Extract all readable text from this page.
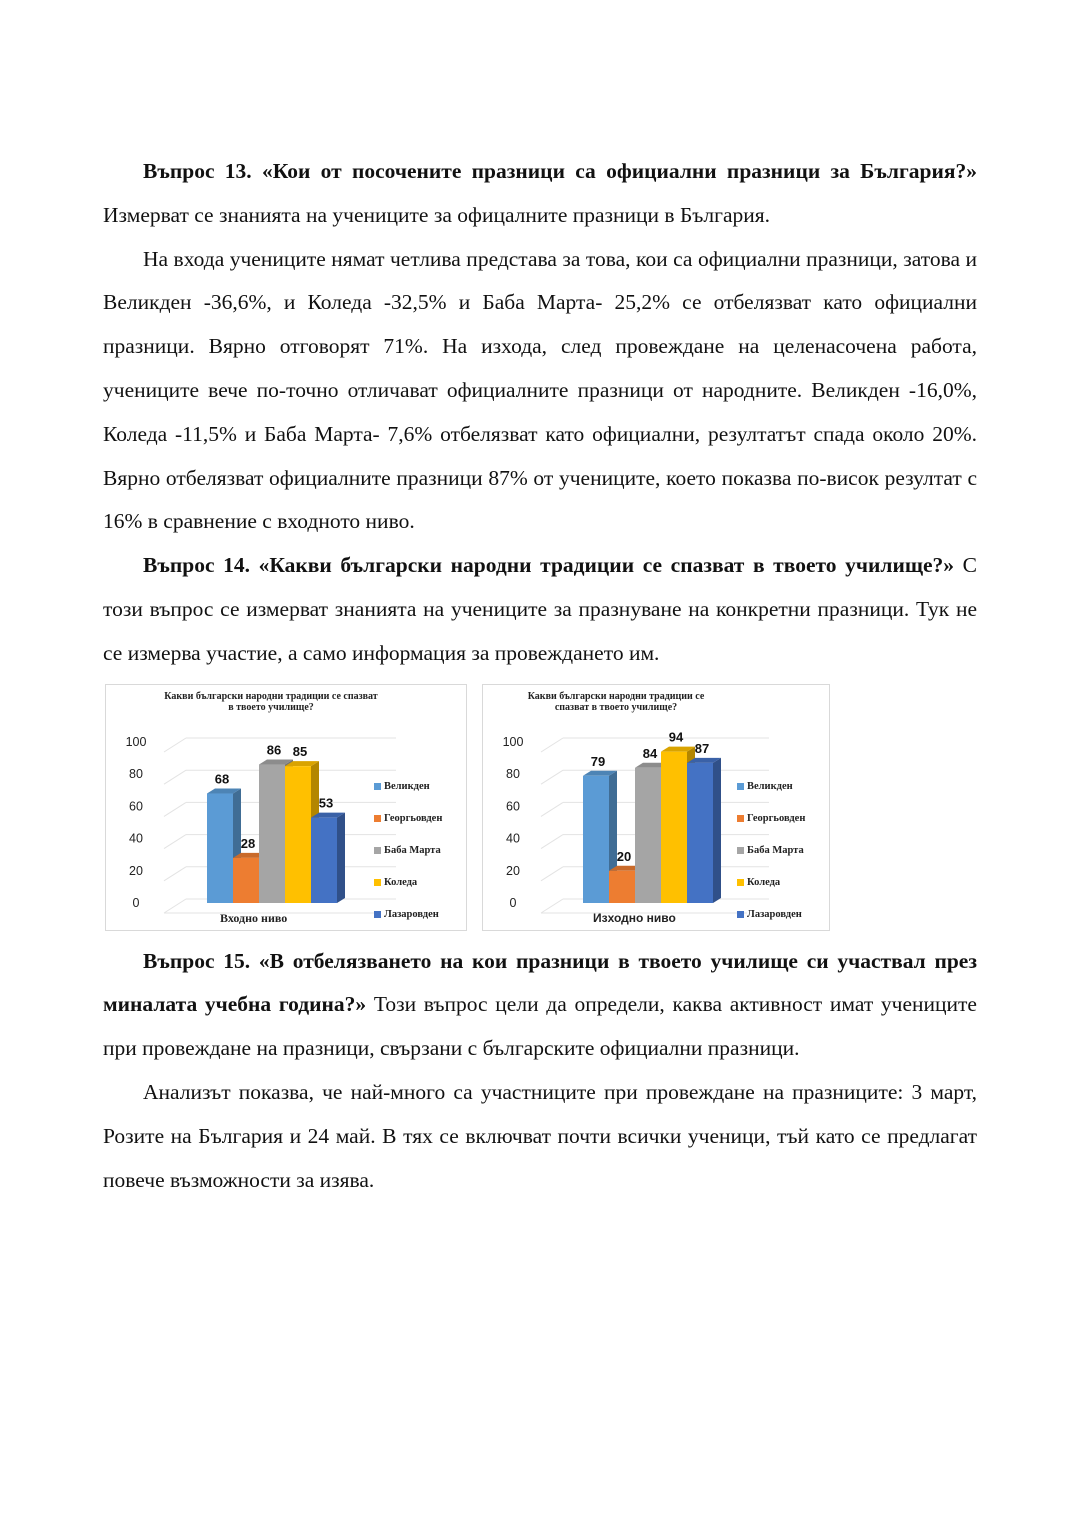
Въпрос 13. «Кои от посочените празници са официални празници за България?» Измерват се знанията на учениците за офицалните празници в България.

На входа учениците нямат четлива представа за това, кои са официални празници, затова и Великден -36,6%, и Коледа -32,5% и Баба Марта- 25,2% се отбелязват като официални празници. Вярно отговорят 71%. На изхода, след провеждане на целенасочена работа, учениците вече по-точно отличават официалните празници от народните. Великден -16,0%, Коледа -11,5% и Баба Марта- 7,6% отбелязват като официални, резултатът спада около 20%. Вярно отбелязват официалните празници 87% от учениците, което показва по-висок резултат с 16% в сравнение с входното ниво.

Въпрос 14. «Какви български народни традиции се спазват в твоето училище?» С този въпрос се измерват знанията на учениците за празнуване на конкретни празници. Тук не се измерва участие, а само информация за провеждането им.

Какви български народни традиции се спазват
в твоето училище?
0
20
40
60
80
100
68
28
86 85
53
Великден
Георгьовден
Баба Марта
Коледа
Лазаровден
Входно ниво
Какви български народни традиции се
спазват в твоето училище?
0
20
40
60
80
100
79
20
84
94
87
Великден
Георгьовден
Баба Марта
Коледа
Лазаровден
Изходно ниво

Въпрос 15. «В отбелязването на кои празници в твоето училище си участвал през миналата учебна година?» Този въпрос цели да определи, каква активност имат учениците при провеждане на празници, свързани с българските официални празници.

Анализът показва, че най-много са участниците при провеждане на празниците: 3 март, Розите на България и 24 май. В тях се включват почти всички ученици, тъй като се предлагат повече възможности за изява.
